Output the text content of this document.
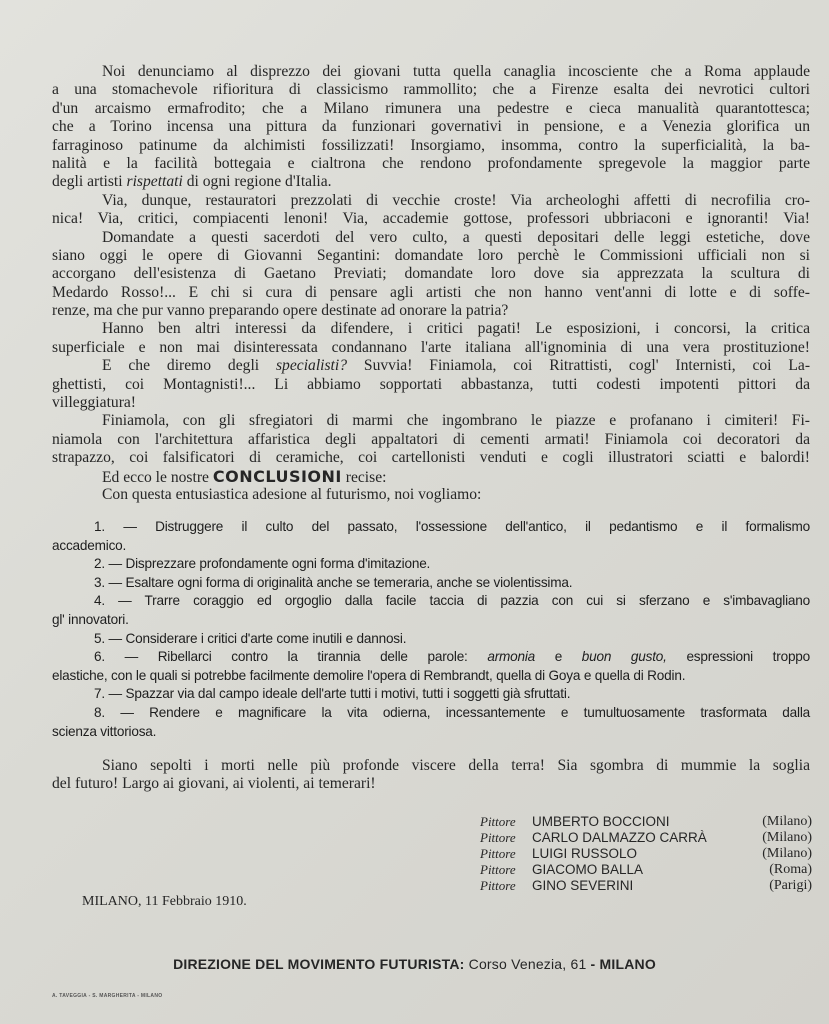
Noi denunciamo al disprezzo dei giovani tutta quella canaglia incosciente che a Roma applaude
a una stomachevole rifioritura di classicismo rammollito; che a Firenze esalta dei nevrotici cultori
d'un arcaismo ermafrodito; che a Milano rimunera una pedestre e cieca manualità quarantottesca;
che a Torino incensa una pittura da funzionari governativi in pensione, e a Venezia glorifica un
farraginoso patinume da alchimisti fossilizzati! Insorgiamo, insomma, contro la superficialità, la ba-
nalità e la facilità bottegaia e cialtrona che rendono profondamente spregevole la maggior parte
degli artisti rispettati di ogni regione d'Italia.
Via, dunque, restauratori prezzolati di vecchie croste! Via archeologhi affetti di necrofilia cro-
nica! Via, critici, compiacenti lenoni! Via, accademie gottose, professori ubbriaconi e ignoranti! Via!
Domandate a questi sacerdoti del vero culto, a questi depositari delle leggi estetiche, dove
siano oggi le opere di Giovanni Segantini: domandate loro perchè le Commissioni ufficiali non si
accorgano dell'esistenza di Gaetano Previati; domandate loro dove sia apprezzata la scultura di
Medardo Rosso!... E chi si cura di pensare agli artisti che non hanno vent'anni di lotte e di soffe-
renze, ma che pur vanno preparando opere destinate ad onorare la patria?
Hanno ben altri interessi da difendere, i critici pagati! Le esposizioni, i concorsi, la critica
superficiale e non mai disinteressata condannano l'arte italiana all'ignominia di una vera prostituzione!
E che diremo degli specialisti? Suvvia! Finiamola, coi Ritrattisti, cogl' Internisti, coi La-
ghettisti, coi Montagnisti!... Li abbiamo sopportati abbastanza, tutti codesti impotenti pittori da
villeggiatura!
Finiamola, con gli sfregiatori di marmi che ingombrano le piazze e profanano i cimiteri! Fi-
niamola con l'architettura affaristica degli appaltatori di cementi armati! Finiamola coi decoratori da
strapazzo, coi falsificatori di ceramiche, coi cartellonisti venduti e cogli illustratori sciatti e balordi!
Ed ecco le nostre CONCLUSIONI recise:
Con questa entusiastica adesione al futurismo, noi vogliamo:
1. — Distruggere il culto del passato, l'ossessione dell'antico, il pedantismo e il formalismo
accademico.
2. — Disprezzare profondamente ogni forma d'imitazione.
3. — Esaltare ogni forma di originalità anche se temeraria, anche se violentissima.
4. — Trarre coraggio ed orgoglio dalla facile taccia di pazzia con cui si sferzano e s'imbavagliano
gl' innovatori.
5. — Considerare i critici d'arte come inutili e dannosi.
6. — Ribellarci contro la tirannia delle parole: armonia e buon gusto, espressioni troppo
elastiche, con le quali si potrebbe facilmente demolire l'opera di Rembrandt, quella di Goya e quella di Rodin.
7. — Spazzar via dal campo ideale dell'arte tutti i motivi, tutti i soggetti già sfruttati.
8. — Rendere e magnificare la vita odierna, incessantemente e tumultuosamente trasformata dalla
scienza vittoriosa.
Siano sepolti i morti nelle più profonde viscere della terra! Sia sgombra di mummie la soglia
del futuro! Largo ai giovani, ai violenti, ai temerari!
Pittore	UMBERTO BOCCIONI	(Milano)
Pittore	CARLO DALMAZZO CARRÀ	(Milano)
Pittore	LUIGI RUSSOLO	(Milano)
Pittore	GIACOMO BALLA	(Roma)
Pittore	GINO SEVERINI	(Parigi)
MILANO, 11 Febbraio 1910.
DIREZIONE DEL MOVIMENTO FUTURISTA: Corso Venezia, 61 - MILANO
A. TAVEGGIA - S. MARGHERITA - MILANO
